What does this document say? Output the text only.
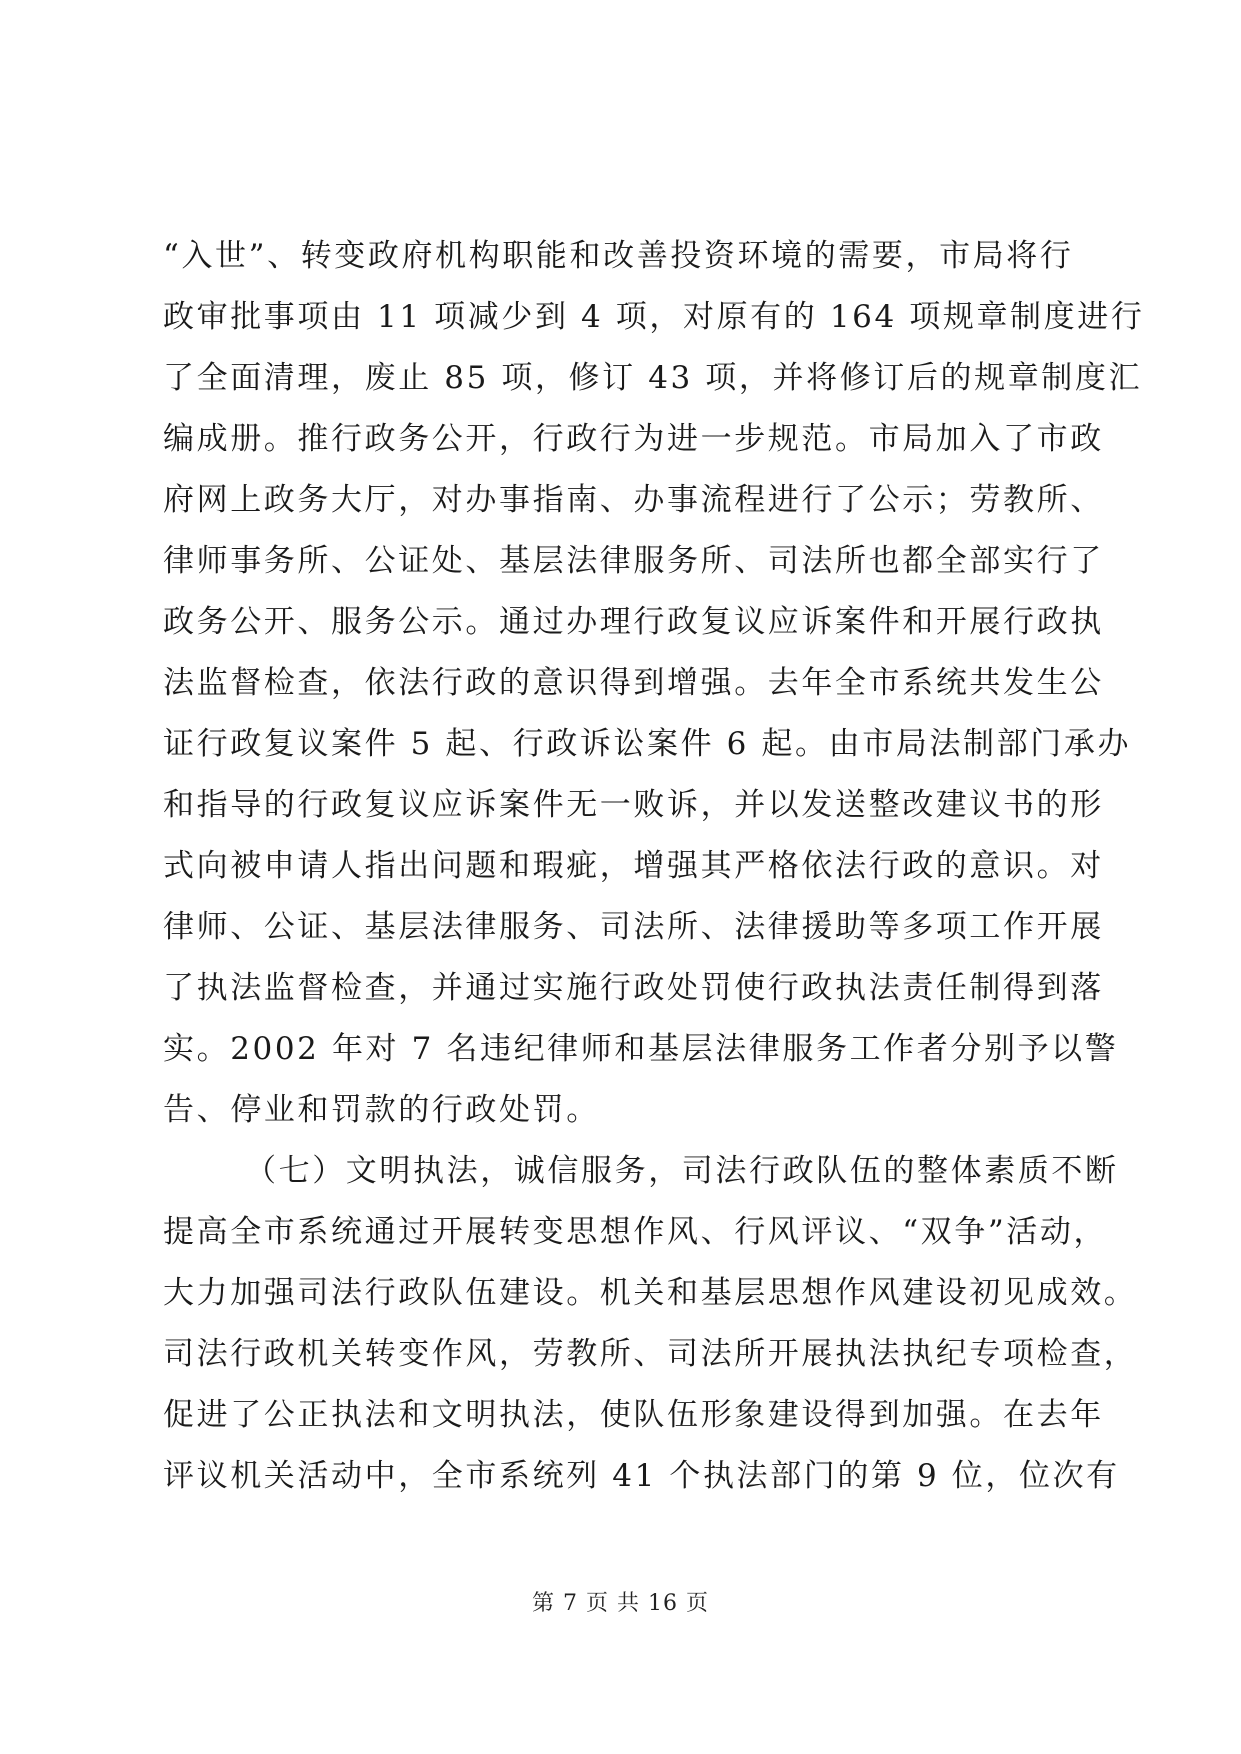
“入世”、转变政府机构职能和改善投资环境的需要，市局将行
政审批事项由 11 项减少到 4 项，对原有的 164 项规章制度进行
了全面清理，废止 85 项，修订 43 项，并将修订后的规章制度汇
编成册。推行政务公开，行政行为进一步规范。市局加入了市政
府网上政务大厅，对办事指南、办事流程进行了公示；劳教所、
律师事务所、公证处、基层法律服务所、司法所也都全部实行了
政务公开、服务公示。通过办理行政复议应诉案件和开展行政执
法监督检查，依法行政的意识得到增强。去年全市系统共发生公
证行政复议案件 5 起、行政诉讼案件 6 起。由市局法制部门承办
和指导的行政复议应诉案件无一败诉，并以发送整改建议书的形
式向被申请人指出问题和瑕疵，增强其严格依法行政的意识。对
律师、公证、基层法律服务、司法所、法律援助等多项工作开展
了执法监督检查，并通过实施行政处罚使行政执法责任制得到落
实。2002 年对 7 名违纪律师和基层法律服务工作者分别予以警
告、停业和罚款的行政处罚。
（七）文明执法，诚信服务，司法行政队伍的整体素质不断
提高全市系统通过开展转变思想作风、行风评议、“双争”活动，
大力加强司法行政队伍建设。机关和基层思想作风建设初见成效。
司法行政机关转变作风，劳教所、司法所开展执法执纪专项检查，
促进了公正执法和文明执法，使队伍形象建设得到加强。在去年
评议机关活动中，全市系统列 41 个执法部门的第 9 位，位次有
第 7 页 共 16 页
